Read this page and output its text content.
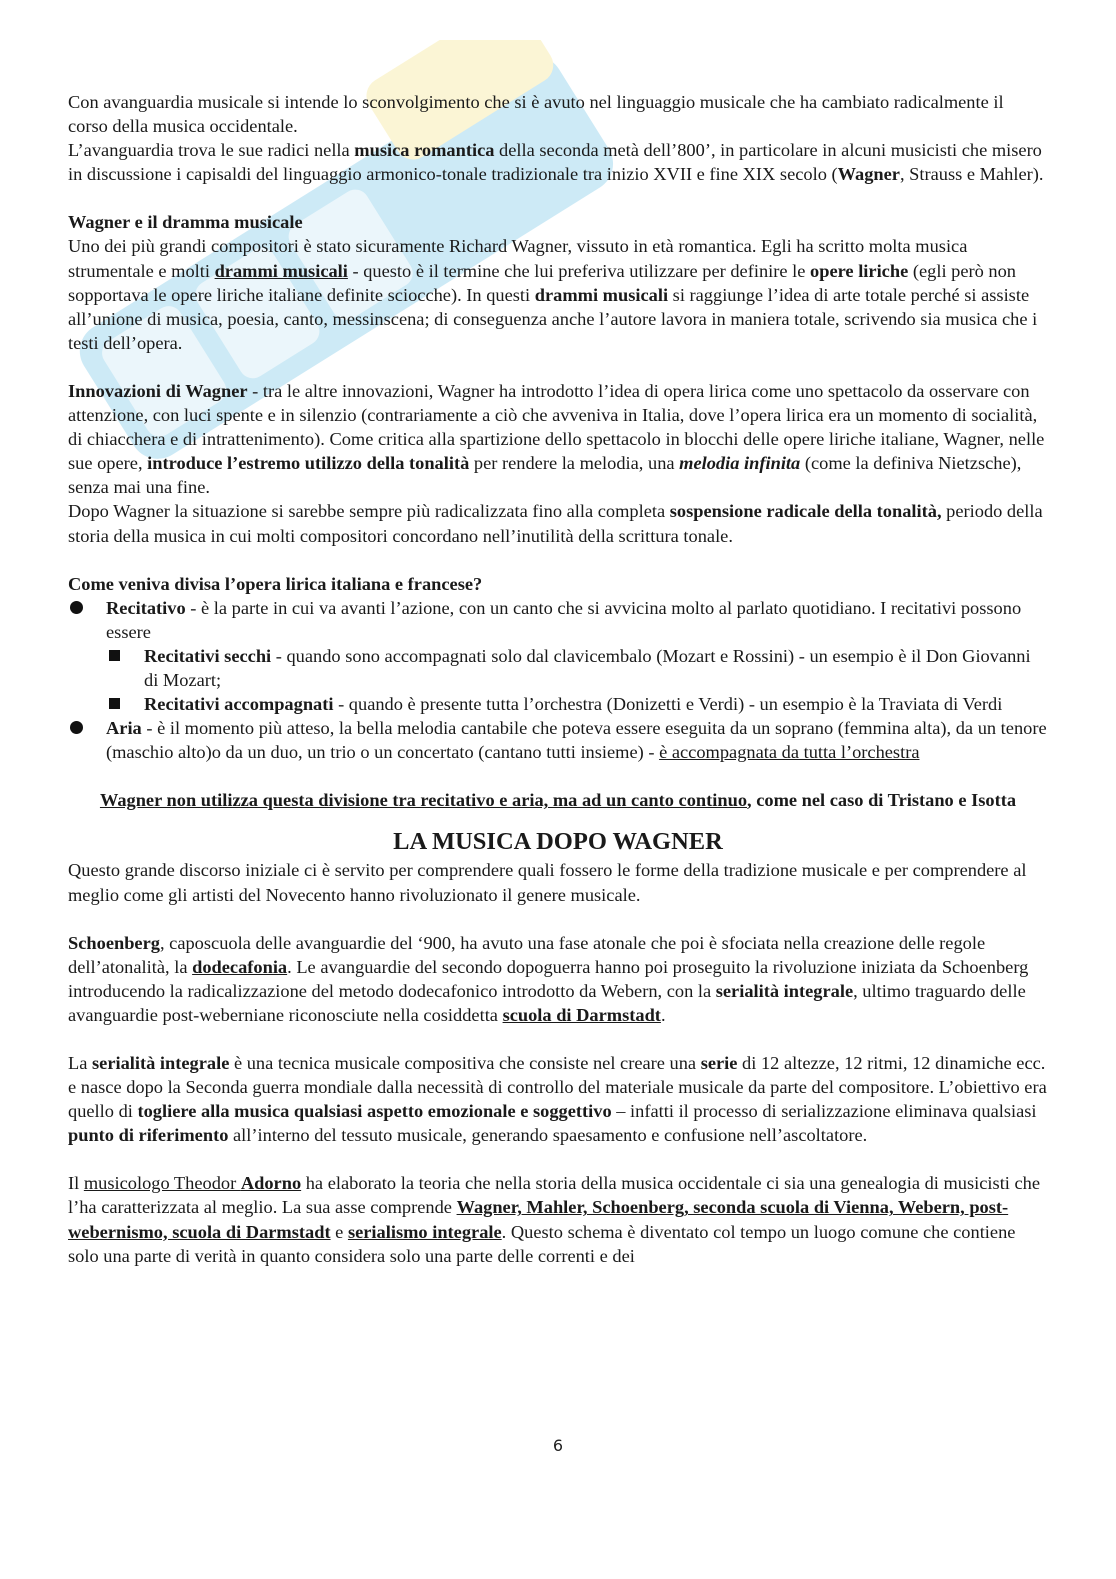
Con avanguardia musicale si intende lo sconvolgimento che si è avuto nel linguaggio musicale che ha cambiato radicalmente il corso della musica occidentale.

L’avanguardia trova le sue radici nella musica romantica della seconda metà dell’800’, in particolare in alcuni musicisti che misero in discussione i capisaldi del linguaggio armonico-tonale tradizionale tra inizio XVII e fine XIX secolo (Wagner, Strauss e Mahler).

Wagner e il dramma musicale

Uno dei più grandi compositori è stato sicuramente Richard Wagner, vissuto in età romantica. Egli ha scritto molta musica strumentale e molti drammi musicali - questo è il termine che lui preferiva utilizzare per definire le opere liriche (egli però non sopportava le opere liriche italiane definite sciocche). In questi drammi musicali si raggiunge l’idea di arte totale perché si assiste all’unione di musica, poesia, canto, messinscena; di conseguenza anche l’autore lavora in maniera totale, scrivendo sia musica che i testi dell’opera.

Innovazioni di Wagner - tra le altre innovazioni, Wagner ha introdotto l’idea di opera lirica come uno spettacolo da osservare con attenzione, con luci spente e in silenzio (contrariamente a ciò che avveniva in Italia, dove l’opera lirica era un momento di socialità, di chiacchera e di intrattenimento). Come critica alla spartizione dello spettacolo in blocchi delle opere liriche italiane, Wagner, nelle sue opere, introduce l’estremo utilizzo della tonalità per rendere la melodia, una melodia infinita (come la definiva Nietzsche), senza mai una fine.

Dopo Wagner la situazione si sarebbe sempre più radicalizzata fino alla completa sospensione radicale della tonalità, periodo della storia della musica in cui molti compositori concordano nell’inutilità della scrittura tonale.

Come veniva divisa l’opera lirica italiana e francese?

Recitativo - è la parte in cui va avanti l’azione, con un canto che si avvicina molto al parlato quotidiano. I recitativi possono essere
Recitativi secchi - quando sono accompagnati solo dal clavicembalo (Mozart e Rossini) - un esempio è il Don Giovanni di Mozart;
Recitativi accompagnati - quando è presente tutta l’orchestra (Donizetti e Verdi) - un esempio è la Traviata di Verdi
Aria - è il momento più atteso, la bella melodia cantabile che poteva essere eseguita da un soprano (femmina alta), da un tenore (maschio alto)o da un duo, un trio o un concertato (cantano tutti insieme) - è accompagnata da tutta l’orchestra

Wagner non utilizza questa divisione tra recitativo e aria, ma ad un canto continuo, come nel caso di Tristano e Isotta

LA MUSICA DOPO WAGNER

Questo grande discorso iniziale ci è servito per comprendere quali fossero le forme della tradizione musicale e per comprendere al meglio come gli artisti del Novecento hanno rivoluzionato il genere musicale.

Schoenberg, caposcuola delle avanguardie del ‘900, ha avuto una fase atonale che poi è sfociata nella creazione delle regole dell’atonalità, la dodecafonia. Le avanguardie del secondo dopoguerra hanno poi proseguito la rivoluzione iniziata da Schoenberg introducendo la radicalizzazione del metodo dodecafonico introdotto da Webern, con la serialità integrale, ultimo traguardo delle avanguardie post-weberniane riconosciute nella cosiddetta scuola di Darmstadt.

La serialità integrale è una tecnica musicale compositiva che consiste nel creare una serie di 12 altezze, 12 ritmi, 12 dinamiche ecc. e nasce dopo la Seconda guerra mondiale dalla necessità di controllo del materiale musicale da parte del compositore. L’obiettivo era quello di togliere alla musica qualsiasi aspetto emozionale e soggettivo – infatti il processo di serializzazione eliminava qualsiasi punto di riferimento all’interno del tessuto musicale, generando spaesamento e confusione nell’ascoltatore.

Il musicologo Theodor Adorno ha elaborato la teoria che nella storia della musica occidentale ci sia una genealogia di musicisti che l’ha caratterizzata al meglio. La sua asse comprende Wagner, Mahler, Schoenberg, seconda scuola di Vienna, Webern, post-webernismo, scuola di Darmstadt e serialismo integrale. Questo schema è diventato col tempo un luogo comune che contiene solo una parte di verità in quanto considera solo una parte delle correnti e dei

6
